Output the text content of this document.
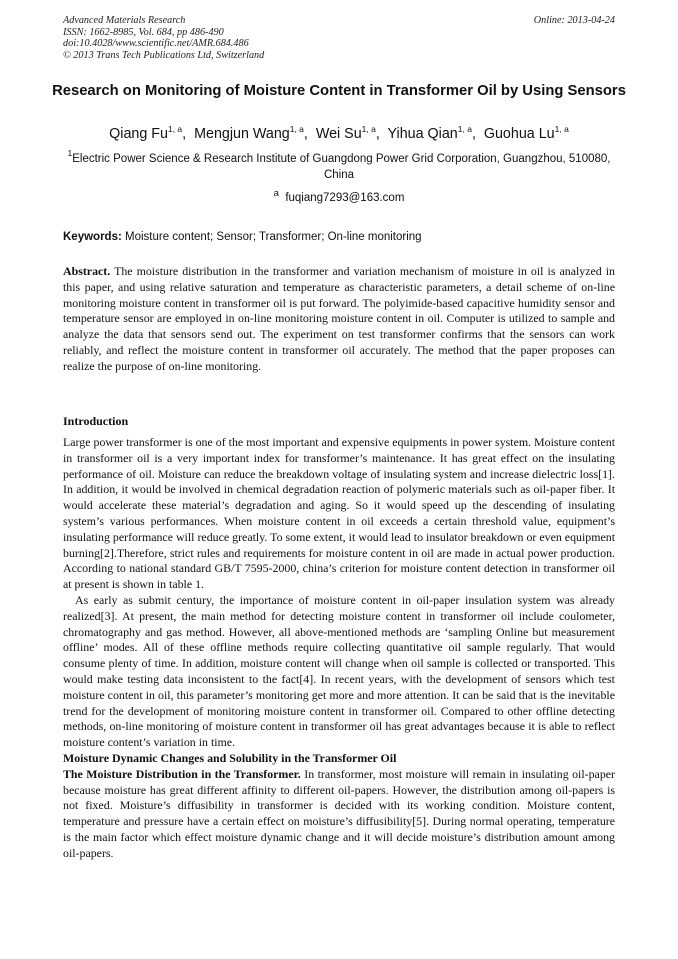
Advanced Materials Research
ISSN: 1662-8985, Vol. 684, pp 486-490
doi:10.4028/www.scientific.net/AMR.684.486
© 2013 Trans Tech Publications Ltd, Switzerland
Online: 2013-04-24
Research on Monitoring of Moisture Content in Transformer Oil by Using Sensors
Qiang Fu$^{1, a}$,  Mengjun Wang$^{1, a}$,  Wei Su$^{1, a}$,  Yihua Qian$^{1, a}$,  Guohua Lu$^{1, a}$
$^1$Electric Power Science & Research Institute of Guangdong Power Grid Corporation, Guangzhou, 510080, China
$^a$ fuqiang7293@163.com
Keywords: Moisture content; Sensor; Transformer; On-line monitoring
Abstract. The moisture distribution in the transformer and variation mechanism of moisture in oil is analyzed in this paper, and using relative saturation and temperature as characteristic parameters, a detail scheme of on-line monitoring moisture content in transformer oil is put forward. The polyimide-based capacitive humidity sensor and temperature sensor are employed in on-line monitoring moisture content in oil. Computer is utilized to sample and analyze the data that sensors send out. The experiment on test transformer confirms that the sensors can work reliably, and reflect the moisture content in transformer oil accurately. The method that the paper proposes can realize the purpose of on-line monitoring.
Introduction

Large power transformer is one of the most important and expensive equipments in power system. Moisture content in transformer oil is a very important index for transformer’s maintenance. It has great effect on the insulating performance of oil. Moisture can reduce the breakdown voltage of insulating system and increase dielectric loss[1]. In addition, it would be involved in chemical degradation reaction of polymeric materials such as oil-paper fiber. It would accelerate these material’s degradation and aging. So it would speed up the descending of insulating system’s various performances. When moisture content in oil exceeds a certain threshold value, equipment’s insulating performance will reduce greatly. To some extent, it would lead to insulator breakdown or even equipment burning[2].Therefore, strict rules and requirements for moisture content in oil are made in actual power production. According to national standard GB/T 7595-2000, china’s criterion for moisture content detection in transformer oil at present is shown in table 1.

As early as submit century, the importance of moisture content in oil-paper insulation system was already realized[3]. At present, the main method for detecting moisture content in transformer oil include coulometer, chromatography and gas method. However, all above-mentioned methods are ‘sampling Online but measurement offline’ modes. All of these offline methods require collecting quantitative oil sample regularly. That would consume plenty of time. In addition, moisture content will change when oil sample is collected or transported. This would make testing data inconsistent to the fact[4]. In recent years, with the development of sensors which test moisture content in oil, this parameter’s monitoring get more and more attention. It can be said that is the inevitable trend for the development of monitoring moisture content in transformer oil. Compared to other offline detecting methods, on-line monitoring of moisture content in transformer oil has great advantages because it is able to reflect moisture content’s variation in time.

Moisture Dynamic Changes and Solubility in the Transformer Oil

The Moisture Distribution in the Transformer. In transformer, most moisture will remain in insulating oil-paper because moisture has great different affinity to different oil-papers. However, the distribution among oil-papers is not fixed. Moisture’s diffusibility in transformer is decided with its working condition. Moisture content, temperature and pressure have a certain effect on moisture’s diffusibility[5]. During normal operating, temperature is the main factor which effect moisture dynamic change and it will decide moisture’s distribution amount among oil-papers.
